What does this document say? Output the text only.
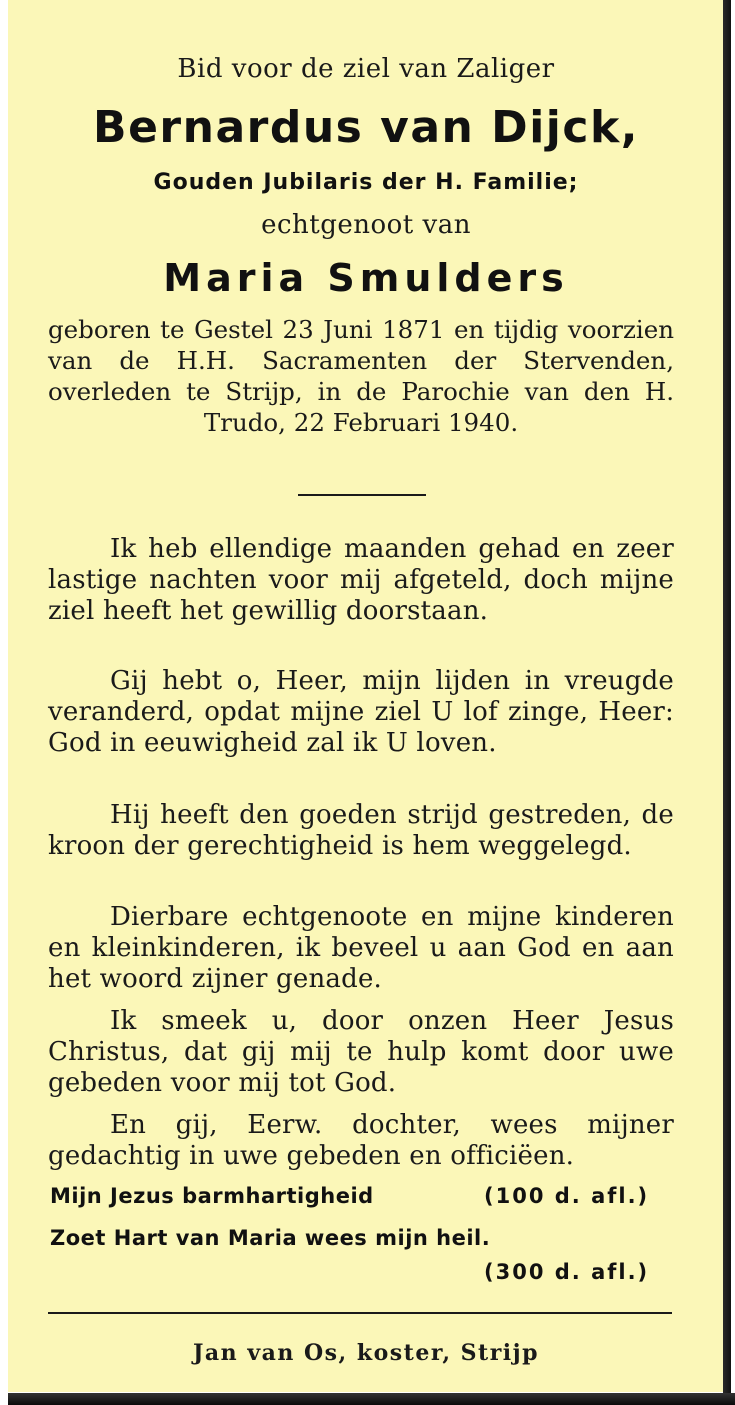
Bid voor de ziel van Zaliger
Bernardus van Dijck,
Gouden Jubilaris der H. Familie;
echtgenoot van
Maria Smulders
geboren te Gestel 23 Juni 1871 en tijdig voorzien van de H.H. Sacramenten der Stervenden, overleden te Strijp, in de Parochie van den H. Trudo, 22 Februari 1940.
Ik heb ellendige maanden gehad en zeer lastige nachten voor mij afgeteld, doch mijne ziel heeft het gewillig doorstaan.
Gij hebt o, Heer, mijn lijden in vreugde veranderd, opdat mijne ziel U lof zinge, Heer: God in eeuwigheid zal ik U loven.
Hij heeft den goeden strijd gestreden, de kroon der gerechtigheid is hem weggelegd.
Dierbare echtgenoote en mijne kinderen en kleinkinderen, ik beveel u aan God en aan het woord zijner genade.
Ik smeek u, door onzen Heer Jesus Christus, dat gij mij te hulp komt door uwe gebeden voor mij tot God.
En gij, Eerw. dochter, wees mijner gedachtig in uwe gebeden en officiëen.
Mijn Jezus barmhartigheid	(100 d. afl.)
Zoet Hart van Maria wees mijn heil.
(300 d. afl.)
Jan van Os, koster, Strijp
